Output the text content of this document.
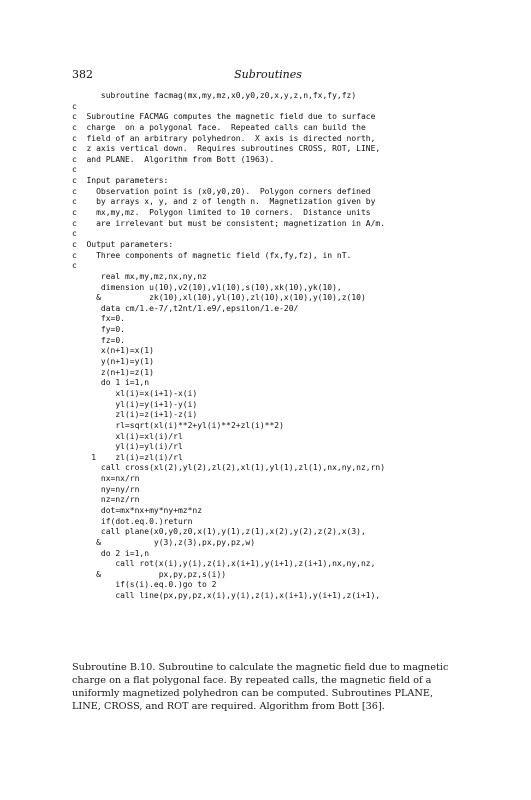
382	Subroutines
subroutine facmag(mx,my,mz,x0,y0,z0,x,y,z,n,fx,fy,fz)
c
c  Subroutine FACMAG computes the magnetic field due to surface
c  charge  on a polygonal face.  Repeated calls can build the
c  field of an arbitrary polyhedron.  X axis is directed north,
c  z axis vertical down.  Requires subroutines CROSS, ROT, LINE,
c  and PLANE.  Algorithm from Bott (1963).
c
c  Input parameters:
c    Observation point is (x0,y0,z0).  Polygon corners defined
c    by arrays x, y, and z of length n.  Magnetization given by
c    mx,my,mz.  Polygon limited to 10 corners.  Distance units
c    are irrelevant but must be consistent; magnetization in A/m.
c
c  Output parameters:
c    Three components of magnetic field (fx,fy,fz), in nT.
c
real mx,my,mz,nx,ny,nz
dimension u(10),v2(10),v1(10),s(10),xk(10),yk(10),
&          zk(10),xl(10),yl(10),zl(10),x(10),y(10),z(10)
data cm/1.e-7/,t2nt/1.e9/,epsilon/1.e-20/
fx=0.
fy=0.
fz=0.
x(n+1)=x(1)
y(n+1)=y(1)
z(n+1)=z(1)
do 1 i=1,n
xl(i)=x(i+1)-x(i)
yl(i)=y(i+1)-y(i)
zl(i)=z(i+1)-z(i)
rl=sqrt(xl(i)**2+yl(i)**2+zl(i)**2)
xl(i)=xl(i)/rl
yl(i)=yl(i)/rl
1    zl(i)=zl(i)/rl
call cross(xl(2),yl(2),zl(2),xl(1),yl(1),zl(1),nx,ny,nz,rn)
nx=nx/rn
ny=ny/rn
nz=nz/rn
dot=mx*nx+my*ny+mz*nz
if(dot.eq.0.)return
call plane(x0,y0,z0,x(1),y(1),z(1),x(2),y(2),z(2),x(3),
&           y(3),z(3),px,py,pz,w)
do 2 i=1,n
call rot(x(i),y(i),z(i),x(i+1),y(i+1),z(i+1),nx,ny,nz,
&            px,py,pz,s(i))
if(s(i).eq.0.)go to 2
call line(px,py,pz,x(i),y(i),z(i),x(i+1),y(i+1),z(i+1),
Subroutine B.10. Subroutine to calculate the magnetic field due to magnetic charge on a flat polygonal face. By repeated calls, the magnetic field of a uniformly magnetized polyhedron can be computed. Subroutines PLANE, LINE, CROSS, and ROT are required. Algorithm from Bott [36].
